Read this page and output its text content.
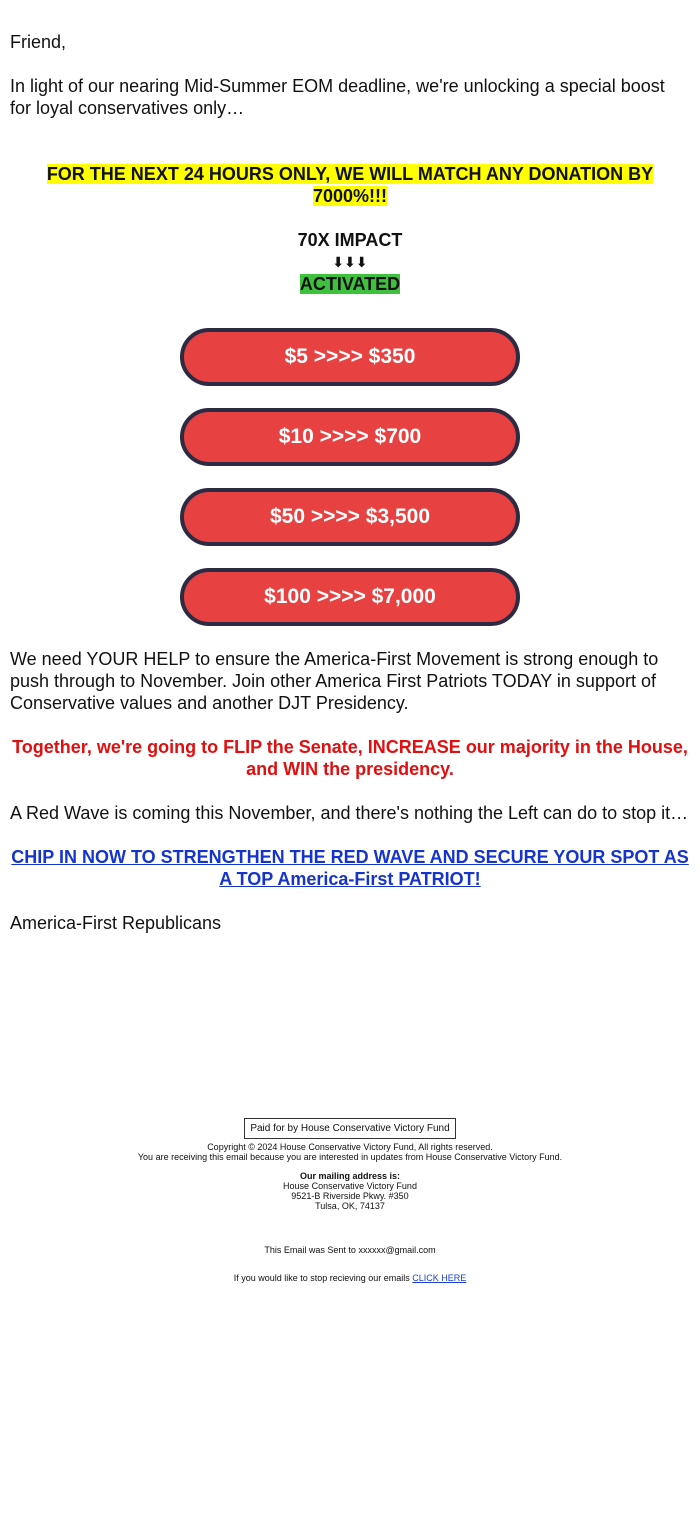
Friend,

In light of our nearing Mid-Summer EOM deadline, we're unlocking a special boost for loyal conservatives only…

FOR THE NEXT 24 HOURS ONLY, WE WILL MATCH ANY DONATION BY 7000%!!!
70X IMPACT
⬇⬇⬇
ACTIVATED
$5 >>>> $350
$10 >>>> $700
$50 >>>> $3,500
$100 >>>> $7,000

We need YOUR HELP to ensure the America-First Movement is strong enough to push through to November. Join other America First Patriots TODAY in support of Conservative values and another DJT Presidency.

Together, we're going to FLIP the Senate, INCREASE our majority in the House, and WIN the presidency.

A Red Wave is coming this November, and there's nothing the Left can do to stop it…

CHIP IN NOW TO STRENGTHEN THE RED WAVE AND SECURE YOUR SPOT AS A TOP America-First PATRIOT!

America-First Republicans

Paid for by House Conservative Victory Fund
Copyright © 2024 House Conservative Victory Fund, All rights reserved.
You are receiving this email because you are interested in updates from House Conservative Victory Fund.
Our mailing address is:
House Conservative Victory Fund
9521-B Riverside Pkwy. #350
Tulsa, OK, 74137
This Email was Sent to xxxxxx@gmail.com
If you would like to stop recieving our emails CLICK HERE
